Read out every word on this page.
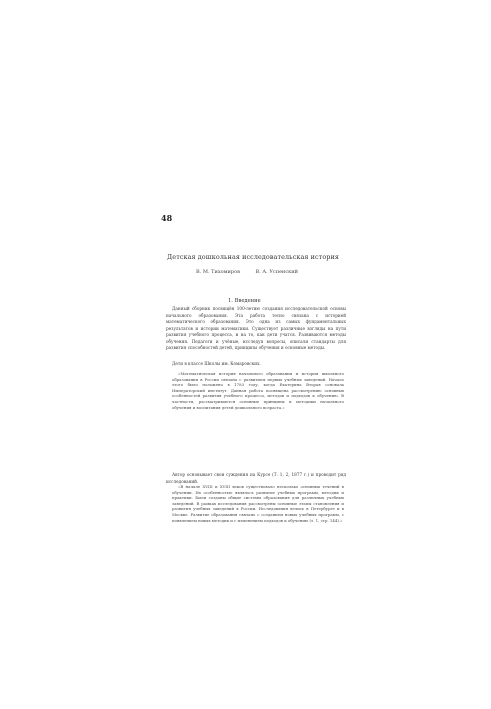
48
Детская дошкольная исследовательская история
В. М. Тихомиров	В. А. Успенский
1. Введение

Данный сборник посвящён 100-летию создания исследовательской основы начального образования. Эта работа тесно связана с историей математического образования. Это одна из самых фундаментальных результатов и истории математики. Существует различные взгляды на пути развития учебного процесса, и на то, как дети учатся. Развиваются методы обучения. Педагоги и учёные, исследуя вопросы, описали стандарты для развития способностей детей, принципы обучения и основные методы.

Дети в классе Школы им. Комаровских.

«Математическая история начального образования и история школьного образования в России связана с развитием первых учебных заведений. Начало этого было положено в 1783 году, когда Екатерина Вторая основала Императорский институт. Данная работа посвящена рассмотрению основных особенностей развития учебного процесса, методов и подходов к обучению. В частности, рассматриваются основные принципы и методики начального обучения и воспитания детей дошкольного возраста.»

Автор основывает свои суждения на Курсе (Т. 1, 2, 1877 г.) и проводит ряд исследований.

«В начале XVIII и XVIII веков существовало несколько основных течений в обучении. Их особенностью являлось развитие учебных программ, методик и практики. Были созданы общие системы образования для различных учебных заведений. В рамках исследования рассмотрены основные этапы становления и развития учебных заведений в России. Исследования велись в Петербурге и в Москве. Развитие образования связано с созданием новых учебных программ, с появлением новых методик и с изменением подходов к обучению (т. 1, стр. 144).»
